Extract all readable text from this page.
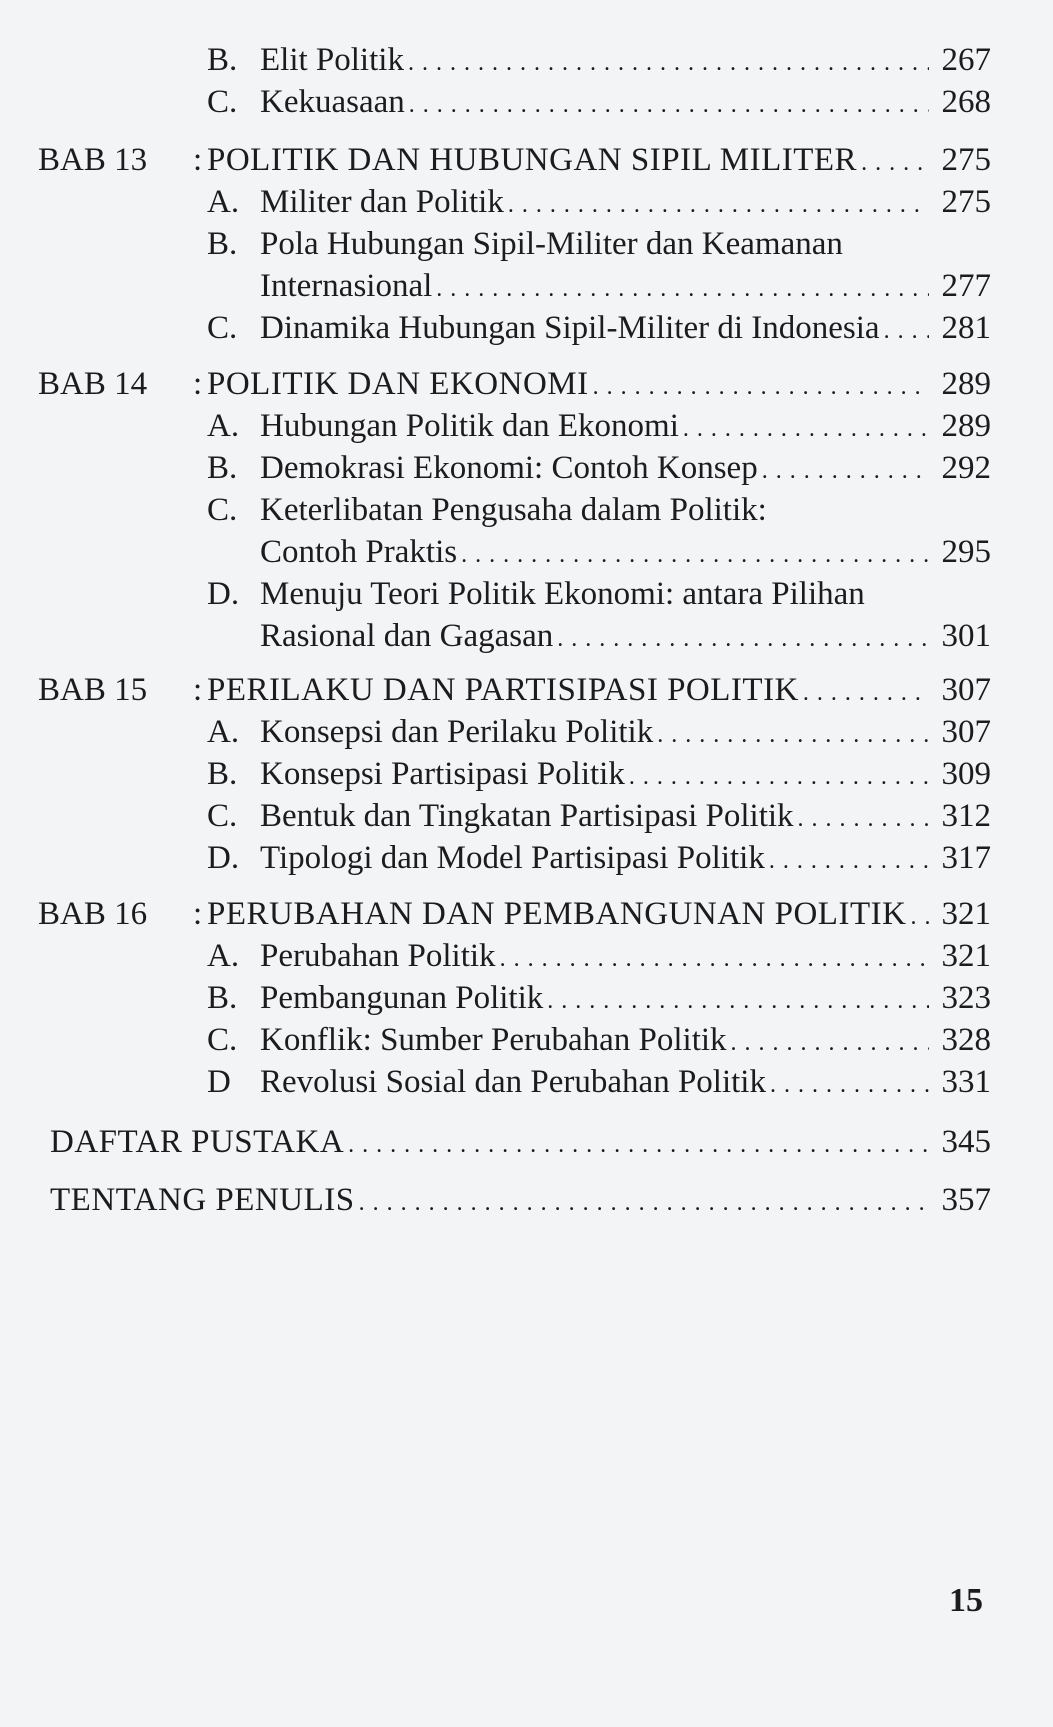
B. Elit Politik . . .	267
C. Kekuasaan . . .	268
BAB 13	: POLITIK DAN HUBUNGAN SIPIL MILITER . . .	275
A. Militer dan Politik . . .	275
B. Pola Hubungan Sipil-Militer dan Keamanan
Internasional . . .	277
C. Dinamika Hubungan Sipil-Militer di Indonesia . . . 281
BAB 14	: POLITIK DAN EKONOMI . . .	289
A. Hubungan Politik dan Ekonomi . . .	289
B. Demokrasi Ekonomi: Contoh Konsep . . .	292
C. Keterlibatan Pengusaha dalam Politik:
Contoh Praktis . . .	295
D. Menuju Teori Politik Ekonomi: antara Pilihan
Rasional dan Gagasan . . .	301
BAB 15	: PERILAKU DAN PARTISIPASI POLITIK . . .	307
A. Konsepsi dan Perilaku Politik . . .	307
B. Konsepsi Partisipasi Politik . . .	309
C. Bentuk dan Tingkatan Partisipasi Politik . . .	312
D. Tipologi dan Model Partisipasi Politik . . .	317
BAB 16	: PERUBAHAN DAN PEMBANGUNAN POLITIK . . . 321
A. Perubahan Politik . . .	321
B. Pembangunan Politik . . .	323
C. Konflik: Sumber Perubahan Politik . . .	328
D Revolusi Sosial dan Perubahan Politik . . .	331
DAFTAR PUSTAKA . . .	345
TENTANG PENULIS . . .	357
15
